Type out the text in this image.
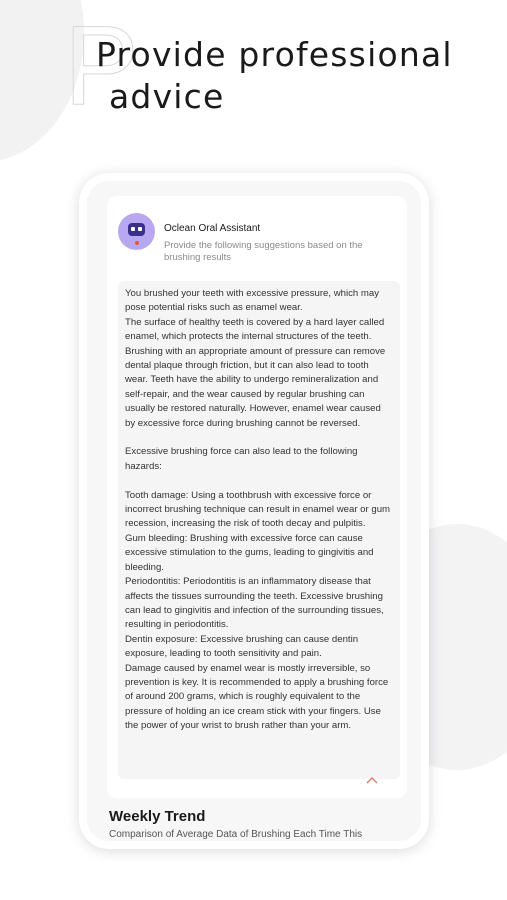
P
Provide professional
advice

Oclean Oral Assistant

Provide the following suggestions based on the brushing results

You brushed your teeth with excessive pressure, which may pose potential risks such as enamel wear.

The surface of healthy teeth is covered by a hard layer called enamel, which protects the internal structures of the teeth. Brushing with an appropriate amount of pressure can remove dental plaque through friction, but it can also lead to tooth wear. Teeth have the ability to undergo remineralization and self-repair, and the wear caused by regular brushing can usually be restored naturally. However, enamel wear caused by excessive force during brushing cannot be reversed.

Excessive brushing force can also lead to the following hazards:

Tooth damage: Using a toothbrush with excessive force or incorrect brushing technique can result in enamel wear or gum recession, increasing the risk of tooth decay and pulpitis.

Gum bleeding: Brushing with excessive force can cause excessive stimulation to the gums, leading to gingivitis and bleeding.

Periodontitis: Periodontitis is an inflammatory disease that affects the tissues surrounding the teeth. Excessive brushing can lead to gingivitis and infection of the surrounding tissues, resulting in periodontitis.

Dentin exposure: Excessive brushing can cause dentin exposure, leading to tooth sensitivity and pain.

Damage caused by enamel wear is mostly irreversible, so prevention is key. It is recommended to apply a brushing force of around 200 grams, which is roughly equivalent to the pressure of holding an ice cream stick with your fingers. Use the power of your wrist to brush rather than your arm.

Weekly Trend

Comparison of Average Data of Brushing Each Time This
